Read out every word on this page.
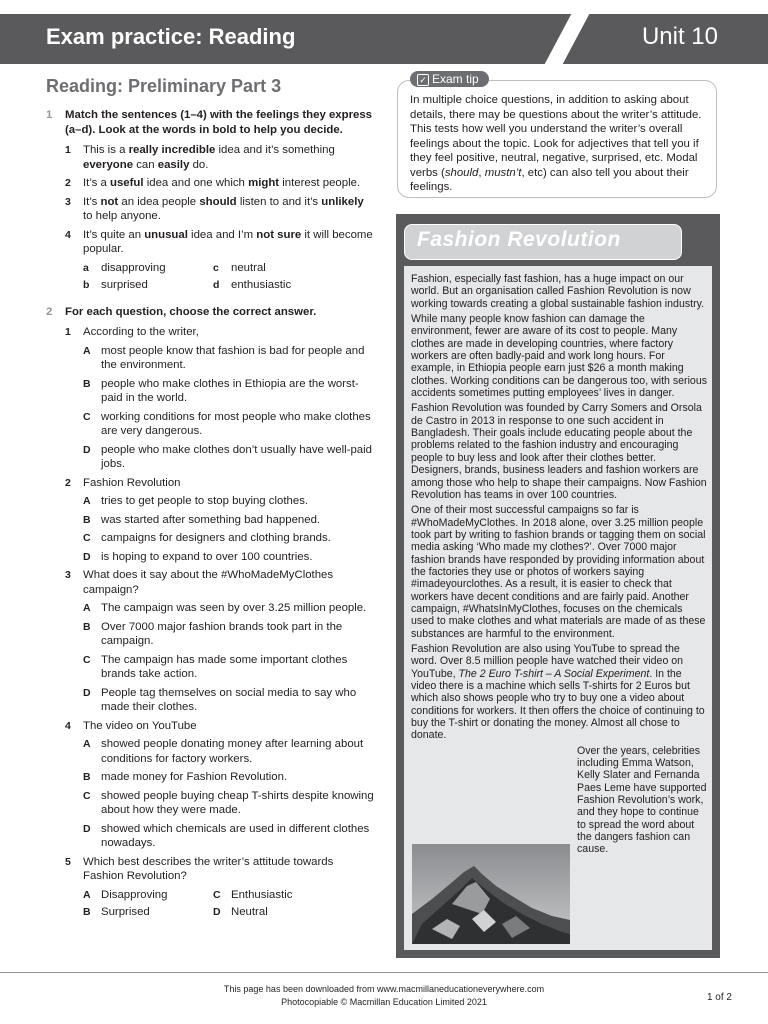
Exam practice: Reading	Unit 10
Reading: Preliminary Part 3
1 Match the sentences (1–4) with the feelings they express (a–d). Look at the words in bold to help you decide.
1 This is a really incredible idea and it’s something everyone can easily do.
2 It’s a useful idea and one which might interest people.
3 It’s not an idea people should listen to and it’s unlikely to help anyone.
4 It’s quite an unusual idea and I’m not sure it will become popular.
a disapproving	c neutral
b surprised	d enthusiastic
2 For each question, choose the correct answer.
1 According to the writer,
A most people know that fashion is bad for people and the environment.
B people who make clothes in Ethiopia are the worst-paid in the world.
C working conditions for most people who make clothes are very dangerous.
D people who make clothes don’t usually have well-paid jobs.
2 Fashion Revolution
A tries to get people to stop buying clothes.
B was started after something bad happened.
C campaigns for designers and clothing brands.
D is hoping to expand to over 100 countries.
3 What does it say about the #WhoMadeMyClothes campaign?
A The campaign was seen by over 3.25 million people.
B Over 7000 major fashion brands took part in the campaign.
C The campaign has made some important clothes brands take action.
D People tag themselves on social media to say who made their clothes.
4 The video on YouTube
A showed people donating money after learning about conditions for factory workers.
B made money for Fashion Revolution.
C showed people buying cheap T-shirts despite knowing about how they were made.
D showed which chemicals are used in different clothes nowadays.
5 Which best describes the writer’s attitude towards Fashion Revolution?
A Disapproving	C Enthusiastic
B Surprised	D Neutral
✓ Exam tip
In multiple choice questions, in addition to asking about details, there may be questions about the writer’s attitude. This tests how well you understand the writer’s overall feelings about the topic. Look for adjectives that tell you if they feel positive, neutral, negative, surprised, etc. Modal verbs (should, mustn’t, etc) can also tell you about their feelings.
Fashion Revolution

Fashion, especially fast fashion, has a huge impact on our world. But an organisation called Fashion Revolution is now working towards creating a global sustainable fashion industry.

While many people know fashion can damage the environment, fewer are aware of its cost to people. Many clothes are made in developing countries, where factory workers are often badly-paid and work long hours. For example, in Ethiopia people earn just $26 a month making clothes. Working conditions can be dangerous too, with serious accidents sometimes putting employees’ lives in danger.

Fashion Revolution was founded by Carry Somers and Orsola de Castro in 2013 in response to one such accident in Bangladesh. Their goals include educating people about the problems related to the fashion industry and encouraging people to buy less and look after their clothes better. Designers, brands, business leaders and fashion workers are among those who help to shape their campaigns. Now Fashion Revolution has teams in over 100 countries.

One of their most successful campaigns so far is #WhoMadeMyClothes. In 2018 alone, over 3.25 million people took part by writing to fashion brands or tagging them on social media asking ‘Who made my clothes?’. Over 7000 major fashion brands have responded by providing information about the factories they use or photos of workers saying #imadeyourclothes. As a result, it is easier to check that workers have decent conditions and are fairly paid. Another campaign, #WhatsInMyClothes, focuses on the chemicals used to make clothes and what materials are made of as these substances are harmful to the environment.

Fashion Revolution are also using YouTube to spread the word. Over 8.5 million people have watched their video on YouTube, The 2 Euro T-shirt – A Social Experiment. In the video there is a machine which sells T-shirts for 2 Euros but which also shows people who try to buy one a video about conditions for workers. It then offers the choice of continuing to buy the T-shirt or donating the money. Almost all chose to donate.

Over the years, celebrities including Emma Watson, Kelly Slater and Fernanda Paes Leme have supported Fashion Revolution’s work, and they hope to continue to spread the word about the dangers fashion can cause.

This page has been downloaded from www.macmillaneducationeverywhere.com
Photocopiable © Macmillan Education Limited 2021	1 of 2
